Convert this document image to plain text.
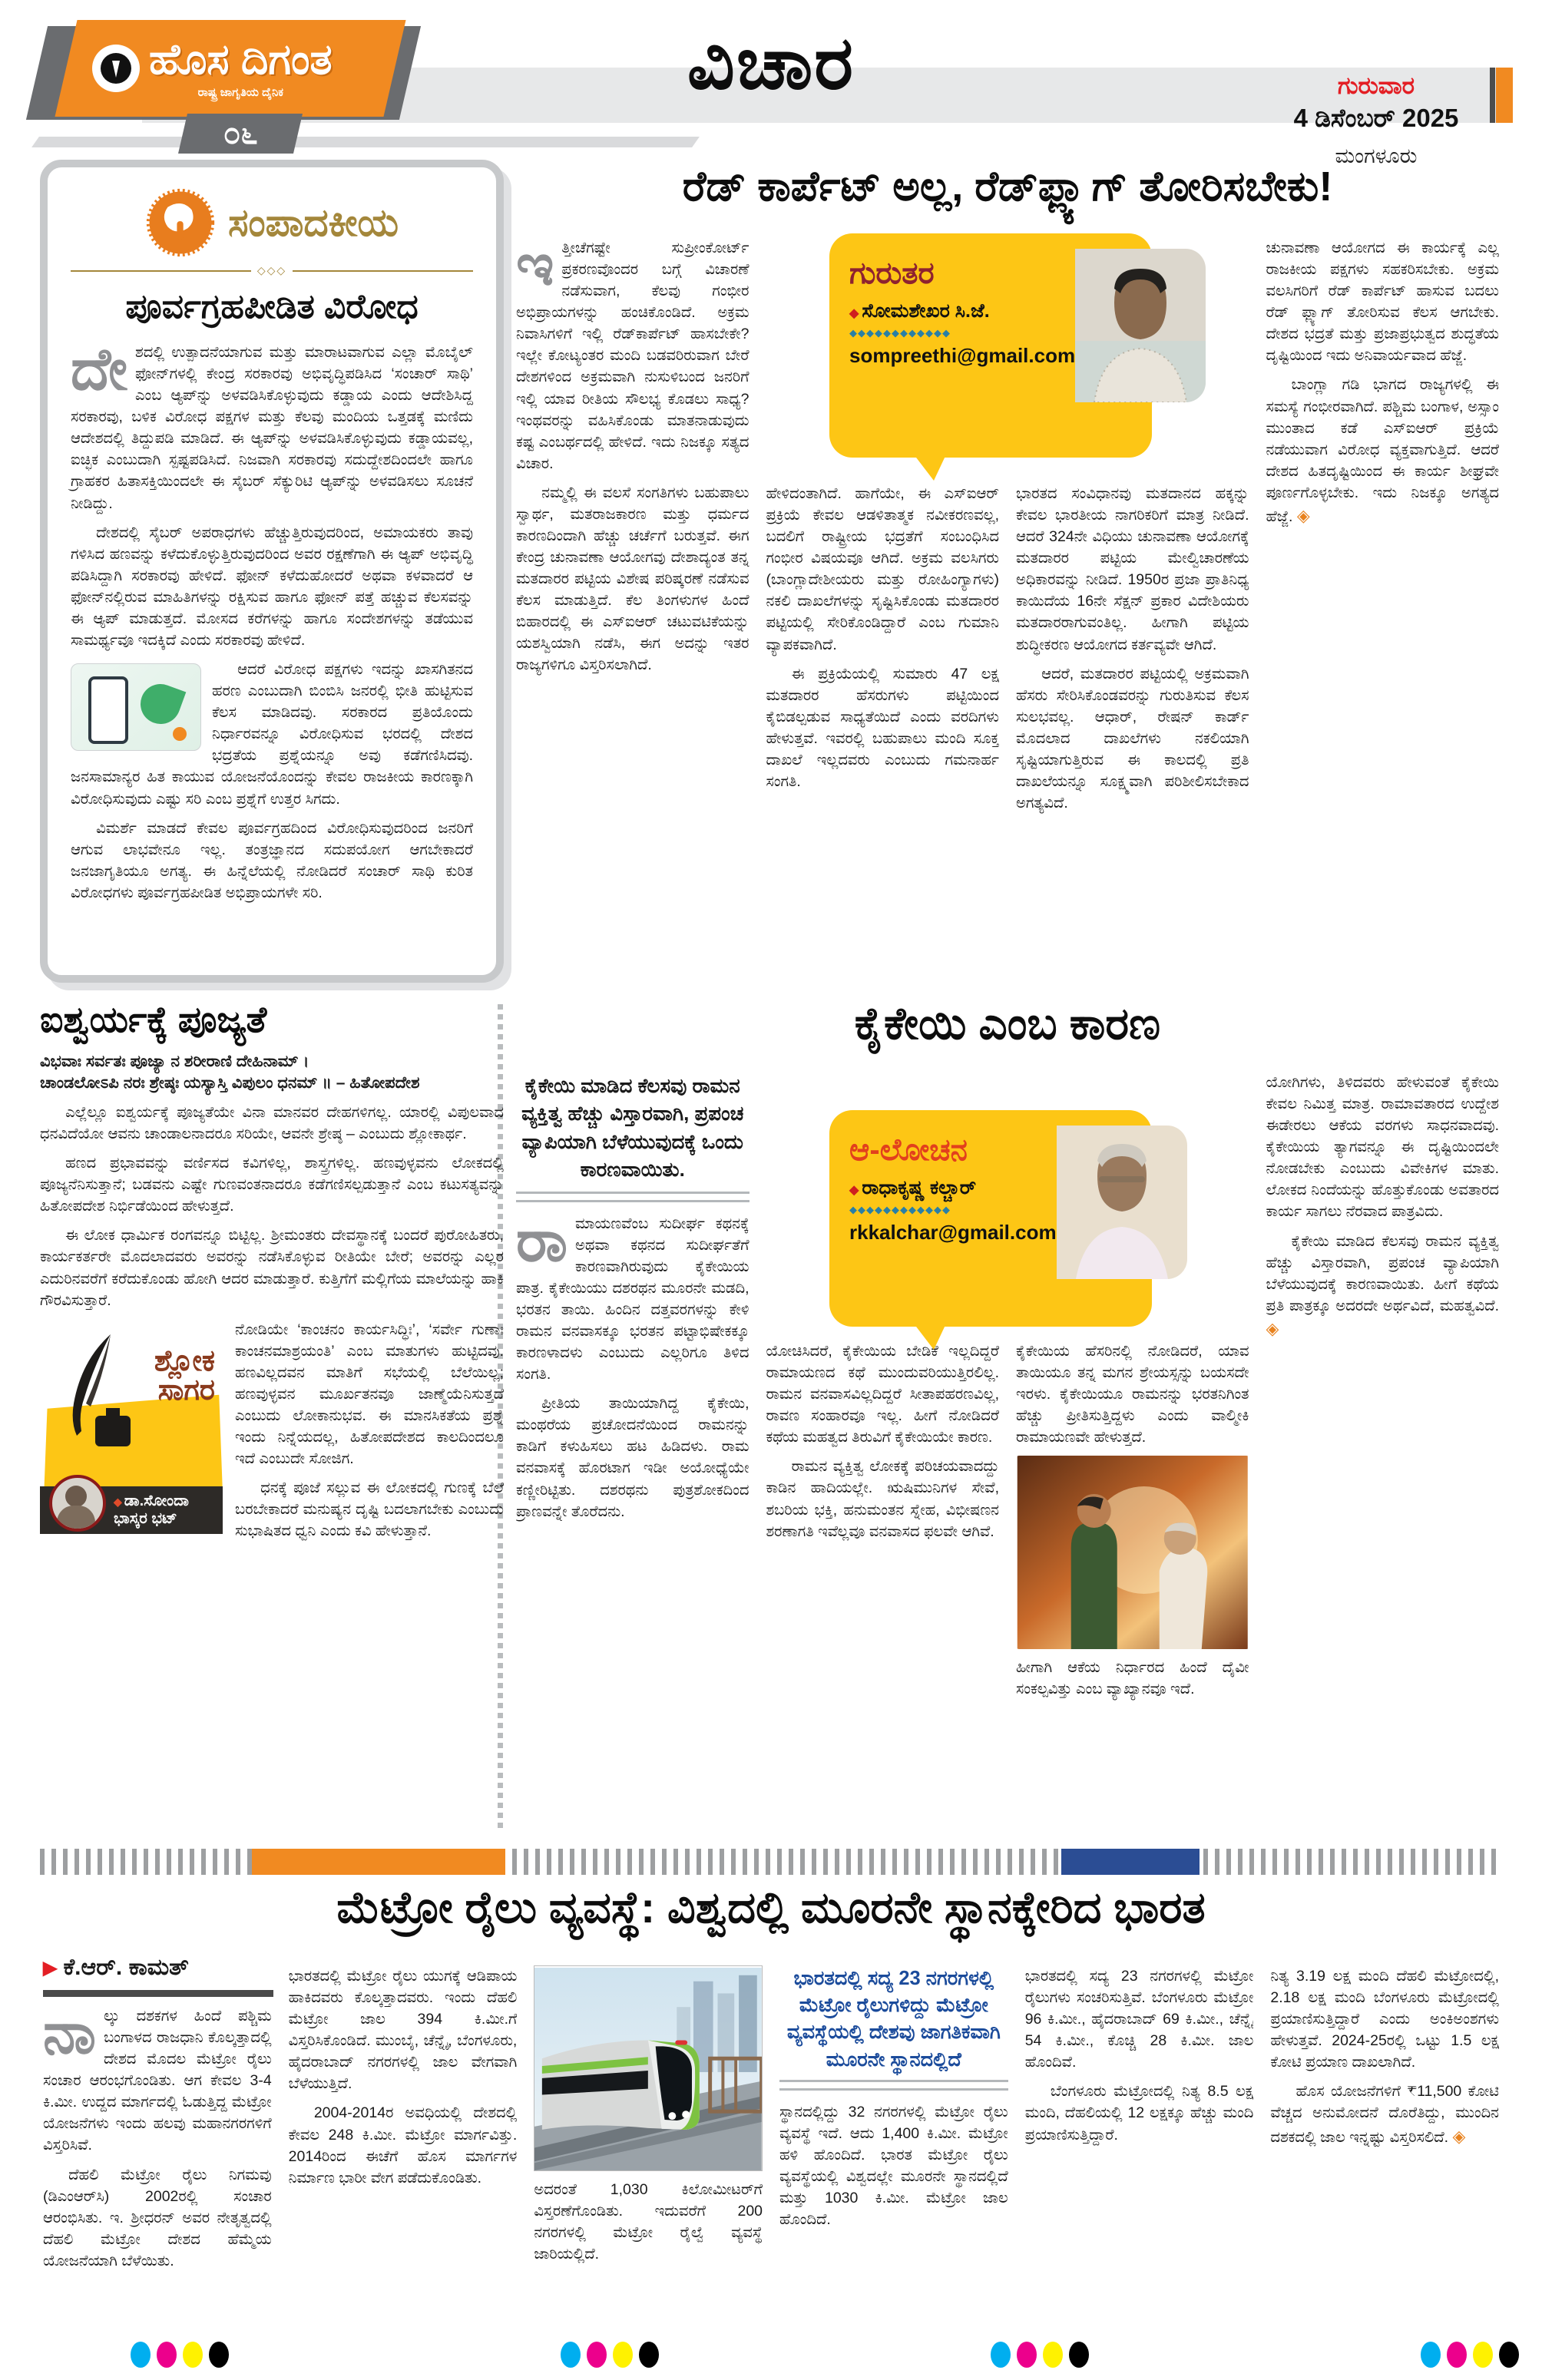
ವಿಚಾರ
ಹೊಸ ದಿಗಂತ
ರಾಷ್ಟ್ರ ಜಾಗೃತಿಯ ದೈನಿಕ
೦೬
ಗುರುವಾರ
4 ಡಿಸೆಂಬರ್ 2025
ಮಂಗಳೂರು
ಸಂಪಾದಕೀಯ
◇◇◇
ಪೂರ್ವಗ್ರಹಪೀಡಿತ ವಿರೋಧ

ದೇಶದಲ್ಲಿ ಉತ್ಪಾದನೆಯಾಗುವ ಮತ್ತು ಮಾರಾಟವಾಗುವ ಎಲ್ಲಾ ಮೊಬೈಲ್ ಫೋನ್‌ಗಳಲ್ಲಿ ಕೇಂದ್ರ ಸರಕಾರವು ಅಭಿವೃದ್ಧಿಪಡಿಸಿದ ‘ಸಂಚಾರ್ ಸಾಥಿ’ ಎಂಬ ಆ್ಯಪ್‌ನ್ನು ಅಳವಡಿಸಿಕೊಳ್ಳುವುದು ಕಡ್ಡಾಯ ಎಂದು ಆದೇಶಿಸಿದ್ದ ಸರಕಾರವು, ಬಳಿಕ ವಿರೋಧ ಪಕ್ಷಗಳ ಮತ್ತು ಕೆಲವು ಮಂದಿಯ ಒತ್ತಡಕ್ಕೆ ಮಣಿದು ಆದೇಶದಲ್ಲಿ ತಿದ್ದುಪಡಿ ಮಾಡಿದೆ. ಈ ಆ್ಯಪ್‌ನ್ನು ಅಳವಡಿಸಿಕೊಳ್ಳುವುದು ಕಡ್ಡಾಯವಲ್ಲ, ಐಚ್ಛಿಕ ಎಂಬುದಾಗಿ ಸ್ಪಷ್ಟಪಡಿಸಿದೆ. ನಿಜವಾಗಿ ಸರಕಾರವು ಸದುದ್ದೇಶದಿಂದಲೇ ಹಾಗೂ ಗ್ರಾಹಕರ ಹಿತಾಸಕ್ತಿಯಿಂದಲೇ ಈ ಸೈಬರ್ ಸೆಕ್ಯುರಿಟಿ ಆ್ಯಪ್‌ನ್ನು ಅಳವಡಿಸಲು ಸೂಚನೆ ನೀಡಿದ್ದು.

ದೇಶದಲ್ಲಿ ಸೈಬರ್ ಅಪರಾಧಗಳು ಹೆಚ್ಚುತ್ತಿರುವುದರಿಂದ, ಅಮಾಯಕರು ತಾವು ಗಳಿಸಿದ ಹಣವನ್ನು ಕಳೆದುಕೊಳ್ಳುತ್ತಿರುವುದರಿಂದ ಅವರ ರಕ್ಷಣೆಗಾಗಿ ಈ ಆ್ಯಪ್ ಅಭಿವೃದ್ಧಿ ಪಡಿಸಿದ್ದಾಗಿ ಸರಕಾರವು ಹೇಳಿದೆ. ಫೋನ್ ಕಳೆದುಹೋದರೆ ಅಥವಾ ಕಳವಾದರೆ ಆ ಫೋನ್‌ನಲ್ಲಿರುವ ಮಾಹಿತಿಗಳನ್ನು ರಕ್ಷಿಸುವ ಹಾಗೂ ಫೋನ್ ಪತ್ತೆ ಹಚ್ಚುವ ಕೆಲಸವನ್ನು ಈ ಆ್ಯಪ್ ಮಾಡುತ್ತದೆ. ಮೋಸದ ಕರೆಗಳನ್ನು ಹಾಗೂ ಸಂದೇಶಗಳನ್ನು ತಡೆಯುವ ಸಾಮರ್ಥ್ಯವೂ ಇದಕ್ಕಿದೆ ಎಂದು ಸರಕಾರವು ಹೇಳಿದೆ.

ಆದರೆ ವಿರೋಧ ಪಕ್ಷಗಳು ಇದನ್ನು ಖಾಸಗಿತನದ ಹರಣ ಎಂಬುದಾಗಿ ಬಿಂಬಿಸಿ ಜನರಲ್ಲಿ ಭೀತಿ ಹುಟ್ಟಿಸುವ ಕೆಲಸ ಮಾಡಿದವು. ಸರಕಾರದ ಪ್ರತಿಯೊಂದು ನಿರ್ಧಾರವನ್ನೂ ವಿರೋಧಿಸುವ ಭರದಲ್ಲಿ ದೇಶದ ಭದ್ರತೆಯ ಪ್ರಶ್ನೆಯನ್ನೂ ಅವು ಕಡೆಗಣಿಸಿದವು. ಜನಸಾಮಾನ್ಯರ ಹಿತ ಕಾಯುವ ಯೋಜನೆಯೊಂದನ್ನು ಕೇವಲ ರಾಜಕೀಯ ಕಾರಣಕ್ಕಾಗಿ ವಿರೋಧಿಸುವುದು ಎಷ್ಟು ಸರಿ ಎಂಬ ಪ್ರಶ್ನೆಗೆ ಉತ್ತರ ಸಿಗದು.

ವಿಮರ್ಶೆ ಮಾಡದೆ ಕೇವಲ ಪೂರ್ವಗ್ರಹದಿಂದ ವಿರೋಧಿಸುವುದರಿಂದ ಜನರಿಗೆ ಆಗುವ ಲಾಭವೇನೂ ಇಲ್ಲ. ತಂತ್ರಜ್ಞಾನದ ಸದುಪಯೋಗ ಆಗಬೇಕಾದರೆ ಜನಜಾಗೃತಿಯೂ ಅಗತ್ಯ. ಈ ಹಿನ್ನೆಲೆಯಲ್ಲಿ ನೋಡಿದರೆ ಸಂಚಾರ್ ಸಾಥಿ ಕುರಿತ ವಿರೋಧಗಳು ಪೂರ್ವಗ್ರಹಪೀಡಿತ ಅಭಿಪ್ರಾಯಗಳೇ ಸರಿ.

ರೆಡ್ ಕಾರ್ಪೆಟ್ ಅಲ್ಲ, ರೆಡ್‌ಫ್ಲ್ಯಾಗ್ ತೋರಿಸಬೇಕು!
ಗುರುತರ
◆ ಸೋಮಶೇಖರ ಸಿ.ಜೆ.
◆◆◆◆◆◆◆◆◆◆◆◆
sompreethi@gmail.com

ಇತ್ತೀಚೆಗಷ್ಟೇ ಸುಪ್ರೀಂಕೋರ್ಟ್ ಪ್ರಕರಣವೊಂದರ ಬಗ್ಗೆ ವಿಚಾರಣೆ ನಡೆಸುವಾಗ, ಕೆಲವು ಗಂಭೀರ ಅಭಿಪ್ರಾಯಗಳನ್ನು ಹಂಚಿಕೊಂಡಿದೆ. ಅಕ್ರಮ ನಿವಾಸಿಗಳಿಗೆ ಇಲ್ಲಿ ರೆಡ್‌ಕಾರ್ಪೆಟ್ ಹಾಸಬೇಕೇ? ಇಲ್ಲೇ ಕೋಟ್ಯಂತರ ಮಂದಿ ಬಡವರಿರುವಾಗ ಬೇರೆ ದೇಶಗಳಿಂದ ಅಕ್ರಮವಾಗಿ ನುಸುಳಿಬಂದ ಜನರಿಗೆ ಇಲ್ಲಿ ಯಾವ ರೀತಿಯ ಸೌಲಭ್ಯ ಕೊಡಲು ಸಾಧ್ಯ? ಇಂಥವರನ್ನು ವಹಿಸಿಕೊಂಡು ಮಾತನಾಡುವುದು ಕಷ್ಟ ಎಂಬರ್ಥದಲ್ಲಿ ಹೇಳಿದೆ. ಇದು ನಿಜಕ್ಕೂ ಸತ್ಯದ ವಿಚಾರ.

ನಮ್ಮಲ್ಲಿ ಈ ವಲಸೆ ಸಂಗತಿಗಳು ಬಹುಪಾಲು ಸ್ವಾರ್ಥ, ಮತರಾಜಕಾರಣ ಮತ್ತು ಧರ್ಮದ ಕಾರಣದಿಂದಾಗಿ ಹೆಚ್ಚು ಚರ್ಚೆಗೆ ಬರುತ್ತವೆ. ಈಗ ಕೇಂದ್ರ ಚುನಾವಣಾ ಆಯೋಗವು ದೇಶಾದ್ಯಂತ ತನ್ನ ಮತದಾರರ ಪಟ್ಟಿಯ ವಿಶೇಷ ಪರಿಷ್ಕರಣೆ ನಡೆಸುವ ಕೆಲಸ ಮಾಡುತ್ತಿದೆ. ಕೆಲ ತಿಂಗಳುಗಳ ಹಿಂದೆ ಬಿಹಾರದಲ್ಲಿ ಈ ಎಸ್‌ಐಆರ್ ಚಟುವಟಿಕೆಯನ್ನು ಯಶಸ್ವಿಯಾಗಿ ನಡೆಸಿ, ಈಗ ಅದನ್ನು ಇತರ ರಾಜ್ಯಗಳಿಗೂ ವಿಸ್ತರಿಸಲಾಗಿದೆ.

ಹೇಳಿದಂತಾಗಿದೆ. ಹಾಗೆಯೇ, ಈ ಎಸ್‌ಐಆರ್ ಪ್ರಕ್ರಿಯೆ ಕೇವಲ ಆಡಳಿತಾತ್ಮಕ ನವೀಕರಣವಲ್ಲ, ಬದಲಿಗೆ ರಾಷ್ಟ್ರೀಯ ಭದ್ರತೆಗೆ ಸಂಬಂಧಿಸಿದ ಗಂಭೀರ ವಿಷಯವೂ ಆಗಿದೆ. ಅಕ್ರಮ ವಲಸಿಗರು (ಬಾಂಗ್ಲಾದೇಶೀಯರು ಮತ್ತು ರೋಹಿಂಗ್ಯಾಗಳು) ನಕಲಿ ದಾಖಲೆಗಳನ್ನು ಸೃಷ್ಟಿಸಿಕೊಂಡು ಮತದಾರರ ಪಟ್ಟಿಯಲ್ಲಿ ಸೇರಿಕೊಂಡಿದ್ದಾರೆ ಎಂಬ ಗುಮಾನಿ ವ್ಯಾಪಕವಾಗಿದೆ.

ಈ ಪ್ರಕ್ರಿಯೆಯಲ್ಲಿ ಸುಮಾರು 47 ಲಕ್ಷ ಮತದಾರರ ಹೆಸರುಗಳು ಪಟ್ಟಿಯಿಂದ ಕೈಬಿಡಲ್ಪಡುವ ಸಾಧ್ಯತೆಯಿದೆ ಎಂದು ವರದಿಗಳು ಹೇಳುತ್ತವೆ. ಇವರಲ್ಲಿ ಬಹುಪಾಲು ಮಂದಿ ಸೂಕ್ತ ದಾಖಲೆ ಇಲ್ಲದವರು ಎಂಬುದು ಗಮನಾರ್ಹ ಸಂಗತಿ.

ಭಾರತದ ಸಂವಿಧಾನವು ಮತದಾನದ ಹಕ್ಕನ್ನು ಕೇವಲ ಭಾರತೀಯ ನಾಗರಿಕರಿಗೆ ಮಾತ್ರ ನೀಡಿದೆ. ಆದರೆ 324ನೇ ವಿಧಿಯು ಚುನಾವಣಾ ಆಯೋಗಕ್ಕೆ ಮತದಾರರ ಪಟ್ಟಿಯ ಮೇಲ್ವಿಚಾರಣೆಯ ಅಧಿಕಾರವನ್ನು ನೀಡಿದೆ. 1950ರ ಪ್ರಜಾ ಪ್ರಾತಿನಿಧ್ಯ ಕಾಯಿದೆಯ 16ನೇ ಸೆಕ್ಷನ್ ಪ್ರಕಾರ ವಿದೇಶಿಯರು ಮತದಾರರಾಗುವಂತಿಲ್ಲ. ಹೀಗಾಗಿ ಪಟ್ಟಿಯ ಶುದ್ಧೀಕರಣ ಆಯೋಗದ ಕರ್ತವ್ಯವೇ ಆಗಿದೆ.

ಆದರೆ, ಮತದಾರರ ಪಟ್ಟಿಯಲ್ಲಿ ಅಕ್ರಮವಾಗಿ ಹೆಸರು ಸೇರಿಸಿಕೊಂಡವರನ್ನು ಗುರುತಿಸುವ ಕೆಲಸ ಸುಲಭವಲ್ಲ. ಆಧಾರ್, ರೇಷನ್ ಕಾರ್ಡ್ ಮೊದಲಾದ ದಾಖಲೆಗಳು ನಕಲಿಯಾಗಿ ಸೃಷ್ಟಿಯಾಗುತ್ತಿರುವ ಈ ಕಾಲದಲ್ಲಿ ಪ್ರತಿ ದಾಖಲೆಯನ್ನೂ ಸೂಕ್ಷ್ಮವಾಗಿ ಪರಿಶೀಲಿಸಬೇಕಾದ ಅಗತ್ಯವಿದೆ.

ಚುನಾವಣಾ ಆಯೋಗದ ಈ ಕಾರ್ಯಕ್ಕೆ ಎಲ್ಲ ರಾಜಕೀಯ ಪಕ್ಷಗಳು ಸಹಕರಿಸಬೇಕು. ಅಕ್ರಮ ವಲಸಿಗರಿಗೆ ರೆಡ್ ಕಾರ್ಪೆಟ್ ಹಾಸುವ ಬದಲು ರೆಡ್ ಫ್ಲ್ಯಾಗ್ ತೋರಿಸುವ ಕೆಲಸ ಆಗಬೇಕು. ದೇಶದ ಭದ್ರತೆ ಮತ್ತು ಪ್ರಜಾಪ್ರಭುತ್ವದ ಶುದ್ಧತೆಯ ದೃಷ್ಟಿಯಿಂದ ಇದು ಅನಿವಾರ್ಯವಾದ ಹೆಜ್ಜೆ.

ಬಾಂಗ್ಲಾ ಗಡಿ ಭಾಗದ ರಾಜ್ಯಗಳಲ್ಲಿ ಈ ಸಮಸ್ಯೆ ಗಂಭೀರವಾಗಿದೆ. ಪಶ್ಚಿಮ ಬಂಗಾಳ, ಅಸ್ಸಾಂ ಮುಂತಾದ ಕಡೆ ಎಸ್‌ಐಆರ್ ಪ್ರಕ್ರಿಯೆ ನಡೆಯುವಾಗ ವಿರೋಧ ವ್ಯಕ್ತವಾಗುತ್ತಿದೆ. ಆದರೆ ದೇಶದ ಹಿತದೃಷ್ಟಿಯಿಂದ ಈ ಕಾರ್ಯ ಶೀಘ್ರವೇ ಪೂರ್ಣಗೊಳ್ಳಬೇಕು. ಇದು ನಿಜಕ್ಕೂ ಅಗತ್ಯದ ಹೆಜ್ಜೆ. ◈

ಐಶ್ವರ್ಯಕ್ಕೆ ಪೂಜ್ಯತೆ

ವಿಭವಾಃ ಸರ್ವತಃ ಪೂಜ್ಯಾ ನ ಶರೀರಾಣಿ ದೇಹಿನಾಮ್ ।

ಚಾಂಡಲೋಽಪಿ ನರಃ ಶ್ರೇಷ್ಠಃ ಯಸ್ಯಾಸ್ತಿ ವಿಪುಲಂ ಧನಮ್ ॥ – ಹಿತೋಪದೇಶ

ಎಲ್ಲೆಲ್ಲೂ ಐಶ್ವರ್ಯಕ್ಕೆ ಪೂಜ್ಯತೆಯೇ ವಿನಾ ಮಾನವರ ದೇಹಗಳಿಗಲ್ಲ. ಯಾರಲ್ಲಿ ವಿಪುಲವಾದ ಧನವಿದೆಯೋ ಆವನು ಚಾಂಡಾಲನಾದರೂ ಸರಿಯೇ, ಆವನೇ ಶ್ರೇಷ್ಠ – ಎಂಬುದು ಶ್ಲೋಕಾರ್ಥ.

ಹಣದ ಪ್ರಭಾವವನ್ನು ವರ್ಣಿಸದ ಕವಿಗಳಿಲ್ಲ, ಶಾಸ್ತ್ರಗಳಿಲ್ಲ. ಹಣವುಳ್ಳವನು ಲೋಕದಲ್ಲಿ ಪೂಜ್ಯನೆನಿಸುತ್ತಾನೆ; ಬಡವನು ಎಷ್ಟೇ ಗುಣವಂತನಾದರೂ ಕಡೆಗಣಿಸಲ್ಪಡುತ್ತಾನೆ ಎಂಬ ಕಟುಸತ್ಯವನ್ನು ಹಿತೋಪದೇಶ ನಿರ್ಭಿಡೆಯಿಂದ ಹೇಳುತ್ತದೆ.

ಈ ಲೋಕ ಧಾರ್ಮಿಕ ರಂಗವನ್ನೂ ಬಿಟ್ಟಿಲ್ಲ. ಶ್ರೀಮಂತರು ದೇವಸ್ಥಾನಕ್ಕೆ ಬಂದರೆ ಪುರೋಹಿತರು, ಕಾರ್ಯಕರ್ತರೇ ಮೊದಲಾದವರು ಅವರನ್ನು ನಡೆಸಿಕೊಳ್ಳುವ ರೀತಿಯೇ ಬೇರೆ; ಅವರನ್ನು ಎಲ್ಲರ ಎದುರಿನವರೆಗೆ ಕರೆದುಕೊಂಡು ಹೋಗಿ ಆದರ ಮಾಡುತ್ತಾರೆ. ಕುತ್ತಿಗೆಗೆ ಮಲ್ಲಿಗೆಯ ಮಾಲೆಯನ್ನು ಹಾಕಿ ಗೌರವಿಸುತ್ತಾರೆ.

ಶ್ಲೋಕ
ಸಾಗರ
◆ ಡಾ.ಸೋಂದಾ
ಭಾಸ್ಕರ ಭಟ್

ನೋಡಿಯೇ ‘ಕಾಂಚನಂ ಕಾರ್ಯಸಿದ್ಧಿಃ’, ‘ಸರ್ವೇ ಗುಣಾಃ ಕಾಂಚನಮಾಶ್ರಯಂತಿ’ ಎಂಬ ಮಾತುಗಳು ಹುಟ್ಟಿದವು. ಹಣವಿಲ್ಲದವನ ಮಾತಿಗೆ ಸಭೆಯಲ್ಲಿ ಬೆಲೆಯಿಲ್ಲ; ಹಣವುಳ್ಳವನ ಮೂರ್ಖತನವೂ ಜಾಣ್ಮೆಯೆನಿಸುತ್ತದೆ ಎಂಬುದು ಲೋಕಾನುಭವ. ಈ ಮಾನಸಿಕತೆಯ ಪ್ರಶ್ನೆ ಇಂದು ನಿನ್ನೆಯದಲ್ಲ, ಹಿತೋಪದೇಶದ ಕಾಲದಿಂದಲೂ ಇದೆ ಎಂಬುದೇ ಸೋಜಿಗ.

ಧನಕ್ಕೆ ಪೂಜೆ ಸಲ್ಲುವ ಈ ಲೋಕದಲ್ಲಿ ಗುಣಕ್ಕೆ ಬೆಲೆ ಬರಬೇಕಾದರೆ ಮನುಷ್ಯನ ದೃಷ್ಟಿ ಬದಲಾಗಬೇಕು ಎಂಬುದು ಸುಭಾಷಿತದ ಧ್ವನಿ ಎಂದು ಕವಿ ಹೇಳುತ್ತಾನೆ.

ಕೈಕೇಯಿ ಎಂಬ ಕಾರಣ
ಆ-ಲೋಚನ
◆ ರಾಧಾಕೃಷ್ಣ ಕಲ್ಚಾರ್
◆◆◆◆◆◆◆◆◆◆◆◆
rkkalchar@gmail.com

ಕೈಕೇಯಿ ಮಾಡಿದ ಕೆಲಸವು ರಾಮನ ವ್ಯಕ್ತಿತ್ವ ಹೆಚ್ಚು ವಿಸ್ತಾರವಾಗಿ, ಪ್ರಪಂಚ ವ್ಯಾಪಿಯಾಗಿ ಬೆಳೆಯುವುದಕ್ಕೆ ಒಂದು ಕಾರಣವಾಯಿತು.

ರಾಮಾಯಣವೆಂಬ ಸುದೀರ್ಘ ಕಥನಕ್ಕೆ ಅಥವಾ ಕಥನದ ಸುದೀರ್ಘತೆಗೆ ಕಾರಣವಾಗಿರುವುದು ಕೈಕೇಯಿಯ ಪಾತ್ರ. ಕೈಕೇಯಿಯು ದಶರಥನ ಮೂರನೇ ಮಡದಿ, ಭರತನ ತಾಯಿ. ಹಿಂದಿನ ದತ್ತವರಗಳನ್ನು ಕೇಳಿ ರಾಮನ ವನವಾಸಕ್ಕೂ ಭರತನ ಪಟ್ಟಾಭಿಷೇಕಕ್ಕೂ ಕಾರಣಳಾದಳು ಎಂಬುದು ಎಲ್ಲರಿಗೂ ತಿಳಿದ ಸಂಗತಿ.

ಪ್ರೀತಿಯ ತಾಯಿಯಾಗಿದ್ದ ಕೈಕೇಯಿ, ಮಂಥರೆಯ ಪ್ರಚೋದನೆಯಿಂದ ರಾಮನನ್ನು ಕಾಡಿಗೆ ಕಳುಹಿಸಲು ಹಟ ಹಿಡಿದಳು. ರಾಮ ವನವಾಸಕ್ಕೆ ಹೊರಟಾಗ ಇಡೀ ಅಯೋಧ್ಯೆಯೇ ಕಣ್ಣೀರಿಟ್ಟಿತು. ದಶರಥನು ಪುತ್ರಶೋಕದಿಂದ ಪ್ರಾಣವನ್ನೇ ತೊರೆದನು.

ಯೋಚಿಸಿದರೆ, ಕೈಕೇಯಿಯ ಬೇಡಿಕೆ ಇಲ್ಲದಿದ್ದರೆ ರಾಮಾಯಣದ ಕಥೆ ಮುಂದುವರಿಯುತ್ತಿರಲಿಲ್ಲ. ರಾಮನ ವನವಾಸವಿಲ್ಲದಿದ್ದರೆ ಸೀತಾಪಹರಣವಿಲ್ಲ, ರಾವಣ ಸಂಹಾರವೂ ಇಲ್ಲ. ಹೀಗೆ ನೋಡಿದರೆ ಕಥೆಯ ಮಹತ್ವದ ತಿರುವಿಗೆ ಕೈಕೇಯಿಯೇ ಕಾರಣ.

ರಾಮನ ವ್ಯಕ್ತಿತ್ವ ಲೋಕಕ್ಕೆ ಪರಿಚಯವಾದದ್ದು ಕಾಡಿನ ಹಾದಿಯಲ್ಲೇ. ಋಷಿಮುನಿಗಳ ಸೇವೆ, ಶಬರಿಯ ಭಕ್ತಿ, ಹನುಮಂತನ ಸ್ನೇಹ, ವಿಭೀಷಣನ ಶರಣಾಗತಿ ಇವೆಲ್ಲವೂ ವನವಾಸದ ಫಲವೇ ಆಗಿವೆ.

ಕೈಕೇಯಿಯ ಹೆಸರಿನಲ್ಲಿ ನೋಡಿದರೆ, ಯಾವ ತಾಯಿಯೂ ತನ್ನ ಮಗನ ಶ್ರೇಯಸ್ಸನ್ನು ಬಯಸದೇ ಇರಳು. ಕೈಕೇಯಿಯೂ ರಾಮನನ್ನು ಭರತನಿಗಿಂತ ಹೆಚ್ಚು ಪ್ರೀತಿಸುತ್ತಿದ್ದಳು ಎಂದು ವಾಲ್ಮೀಕಿ ರಾಮಾಯಣವೇ ಹೇಳುತ್ತದೆ.

ಹೀಗಾಗಿ ಆಕೆಯ ನಿರ್ಧಾರದ ಹಿಂದೆ ದೈವೀ ಸಂಕಲ್ಪವಿತ್ತು ಎಂಬ ವ್ಯಾಖ್ಯಾನವೂ ಇದೆ.

ಯೋಗಿಗಳು, ತಿಳಿದವರು ಹೇಳುವಂತೆ ಕೈಕೇಯಿ ಕೇವಲ ನಿಮಿತ್ತ ಮಾತ್ರ. ರಾಮಾವತಾರದ ಉದ್ದೇಶ ಈಡೇರಲು ಆಕೆಯ ವರಗಳು ಸಾಧನವಾದವು. ಕೈಕೇಯಿಯ ತ್ಯಾಗವನ್ನೂ ಈ ದೃಷ್ಟಿಯಿಂದಲೇ ನೋಡಬೇಕು ಎಂಬುದು ವಿವೇಕಿಗಳ ಮಾತು. ಲೋಕದ ನಿಂದೆಯನ್ನು ಹೊತ್ತುಕೊಂಡು ಅವತಾರದ ಕಾರ್ಯ ಸಾಗಲು ನೆರವಾದ ಪಾತ್ರವಿದು.

ಕೈಕೇಯಿ ಮಾಡಿದ ಕೆಲಸವು ರಾಮನ ವ್ಯಕ್ತಿತ್ವ ಹೆಚ್ಚು ವಿಸ್ತಾರವಾಗಿ, ಪ್ರಪಂಚ ವ್ಯಾಪಿಯಾಗಿ ಬೆಳೆಯುವುದಕ್ಕೆ ಕಾರಣವಾಯಿತು. ಹೀಗೆ ಕಥೆಯ ಪ್ರತಿ ಪಾತ್ರಕ್ಕೂ ಅದರದೇ ಅರ್ಥವಿದೆ, ಮಹತ್ವವಿದೆ. ◈

ಮೆಟ್ರೋ ರೈಲು ವ್ಯವಸ್ಥೆ: ವಿಶ್ವದಲ್ಲಿ ಮೂರನೇ ಸ್ಥಾನಕ್ಕೇರಿದ ಭಾರತ
▶ ಕೆ.ಆರ್. ಕಾಮತ್

ನಾಲ್ಕು ದಶಕಗಳ ಹಿಂದೆ ಪಶ್ಚಿಮ ಬಂಗಾಳದ ರಾಜಧಾನಿ ಕೊಲ್ಕತ್ತಾದಲ್ಲಿ ದೇಶದ ಮೊದಲ ಮೆಟ್ರೋ ರೈಲು ಸಂಚಾರ ಆರಂಭಗೊಂಡಿತು. ಆಗ ಕೇವಲ 3-4 ಕಿ.ಮೀ. ಉದ್ದದ ಮಾರ್ಗದಲ್ಲಿ ಓಡುತ್ತಿದ್ದ ಮೆಟ್ರೋ ಯೋಜನೆಗಳು ಇಂದು ಹಲವು ಮಹಾನಗರಗಳಿಗೆ ವಿಸ್ತರಿಸಿವೆ.

ದೆಹಲಿ ಮೆಟ್ರೋ ರೈಲು ನಿಗಮವು (ಡಿಎಂಆರ್‌ಸಿ) 2002ರಲ್ಲಿ ಸಂಚಾರ ಆರಂಭಿಸಿತು. ಇ. ಶ್ರೀಧರನ್ ಅವರ ನೇತೃತ್ವದಲ್ಲಿ ದೆಹಲಿ ಮೆಟ್ರೋ ದೇಶದ ಹೆಮ್ಮೆಯ ಯೋಜನೆಯಾಗಿ ಬೆಳೆಯಿತು.

ಭಾರತದಲ್ಲಿ ಮೆಟ್ರೋ ರೈಲು ಯುಗಕ್ಕೆ ಆಡಿಪಾಯ ಹಾಕಿದವರು ಕೊಲ್ಕತ್ತಾದವರು. ಇಂದು ದೆಹಲಿ ಮೆಟ್ರೋ ಜಾಲ 394 ಕಿ.ಮೀ.ಗೆ ವಿಸ್ತರಿಸಿಕೊಂಡಿದೆ. ಮುಂಬೈ, ಚೆನ್ನೈ, ಬೆಂಗಳೂರು, ಹೈದರಾಬಾದ್ ನಗರಗಳಲ್ಲಿ ಜಾಲ ವೇಗವಾಗಿ ಬೆಳೆಯುತ್ತಿದೆ.

2004-2014ರ ಅವಧಿಯಲ್ಲಿ ದೇಶದಲ್ಲಿ ಕೇವಲ 248 ಕಿ.ಮೀ. ಮೆಟ್ರೋ ಮಾರ್ಗವಿತ್ತು. 2014ರಿಂದ ಈಚೆಗೆ ಹೊಸ ಮಾರ್ಗಗಳ ನಿರ್ಮಾಣ ಭಾರೀ ವೇಗ ಪಡೆದುಕೊಂಡಿತು.

ಅದರಂತೆ 1,030 ಕಿಲೋಮೀಟರ್‌ಗೆ ವಿಸ್ತರಣೆಗೊಂಡಿತು. ಇದುವರೆಗೆ 200 ನಗರಗಳಲ್ಲಿ ಮೆಟ್ರೋ ರೈಲ್ವೆ ವ್ಯವಸ್ಥೆ ಜಾರಿಯಲ್ಲಿದೆ.

ಭಾರತದಲ್ಲಿ ಸದ್ಯ 23 ನಗರಗಳಲ್ಲಿ ಮೆಟ್ರೋ ರೈಲುಗಳಿದ್ದು ಮೆಟ್ರೋ ವ್ಯವಸ್ಥೆಯಲ್ಲಿ ದೇಶವು ಜಾಗತಿಕವಾಗಿ ಮೂರನೇ ಸ್ಥಾನದಲ್ಲಿದೆ

ಸ್ಥಾನದಲ್ಲಿದ್ದು 32 ನಗರಗಳಲ್ಲಿ ಮೆಟ್ರೋ ರೈಲು ವ್ಯವಸ್ಥೆ ಇದೆ. ಆದು 1,400 ಕಿ.ಮೀ. ಮೆಟ್ರೋ ಹಳಿ ಹೊಂದಿದೆ. ಭಾರತ ಮೆಟ್ರೋ ರೈಲು ವ್ಯವಸ್ಥೆಯಲ್ಲಿ ವಿಶ್ವದಲ್ಲೇ ಮೂರನೇ ಸ್ಥಾನದಲ್ಲಿದೆ ಮತ್ತು 1030 ಕಿ.ಮೀ. ಮೆಟ್ರೋ ಜಾಲ ಹೊಂದಿದೆ.

ಭಾರತದಲ್ಲಿ ಸದ್ಯ 23 ನಗರಗಳಲ್ಲಿ ಮೆಟ್ರೋ ರೈಲುಗಳು ಸಂಚರಿಸುತ್ತಿವೆ. ಬೆಂಗಳೂರು ಮೆಟ್ರೋ 96 ಕಿ.ಮೀ., ಹೈದರಾಬಾದ್ 69 ಕಿ.ಮೀ., ಚೆನ್ನೈ 54 ಕಿ.ಮೀ., ಕೊಚ್ಚಿ 28 ಕಿ.ಮೀ. ಜಾಲ ಹೊಂದಿವೆ.

ಬೆಂಗಳೂರು ಮೆಟ್ರೋದಲ್ಲಿ ನಿತ್ಯ 8.5 ಲಕ್ಷ ಮಂದಿ, ದೆಹಲಿಯಲ್ಲಿ 12 ಲಕ್ಷಕ್ಕೂ ಹೆಚ್ಚು ಮಂದಿ ಪ್ರಯಾಣಿಸುತ್ತಿದ್ದಾರೆ.

ನಿತ್ಯ 3.19 ಲಕ್ಷ ಮಂದಿ ದೆಹಲಿ ಮೆಟ್ರೋದಲ್ಲಿ, 2.18 ಲಕ್ಷ ಮಂದಿ ಬೆಂಗಳೂರು ಮೆಟ್ರೋದಲ್ಲಿ ಪ್ರಯಾಣಿಸುತ್ತಿದ್ದಾರೆ ಎಂದು ಅಂಕಿಅಂಶಗಳು ಹೇಳುತ್ತವೆ. 2024-25ರಲ್ಲಿ ಒಟ್ಟು 1.5 ಲಕ್ಷ ಕೋಟಿ ಪ್ರಯಾಣ ದಾಖಲಾಗಿದೆ.

ಹೊಸ ಯೋಜನೆಗಳಿಗೆ ₹11,500 ಕೋಟಿ ವೆಚ್ಚದ ಅನುಮೋದನೆ ದೊರೆತಿದ್ದು, ಮುಂದಿನ ದಶಕದಲ್ಲಿ ಜಾಲ ಇನ್ನಷ್ಟು ವಿಸ್ತರಿಸಲಿದೆ. ◈
